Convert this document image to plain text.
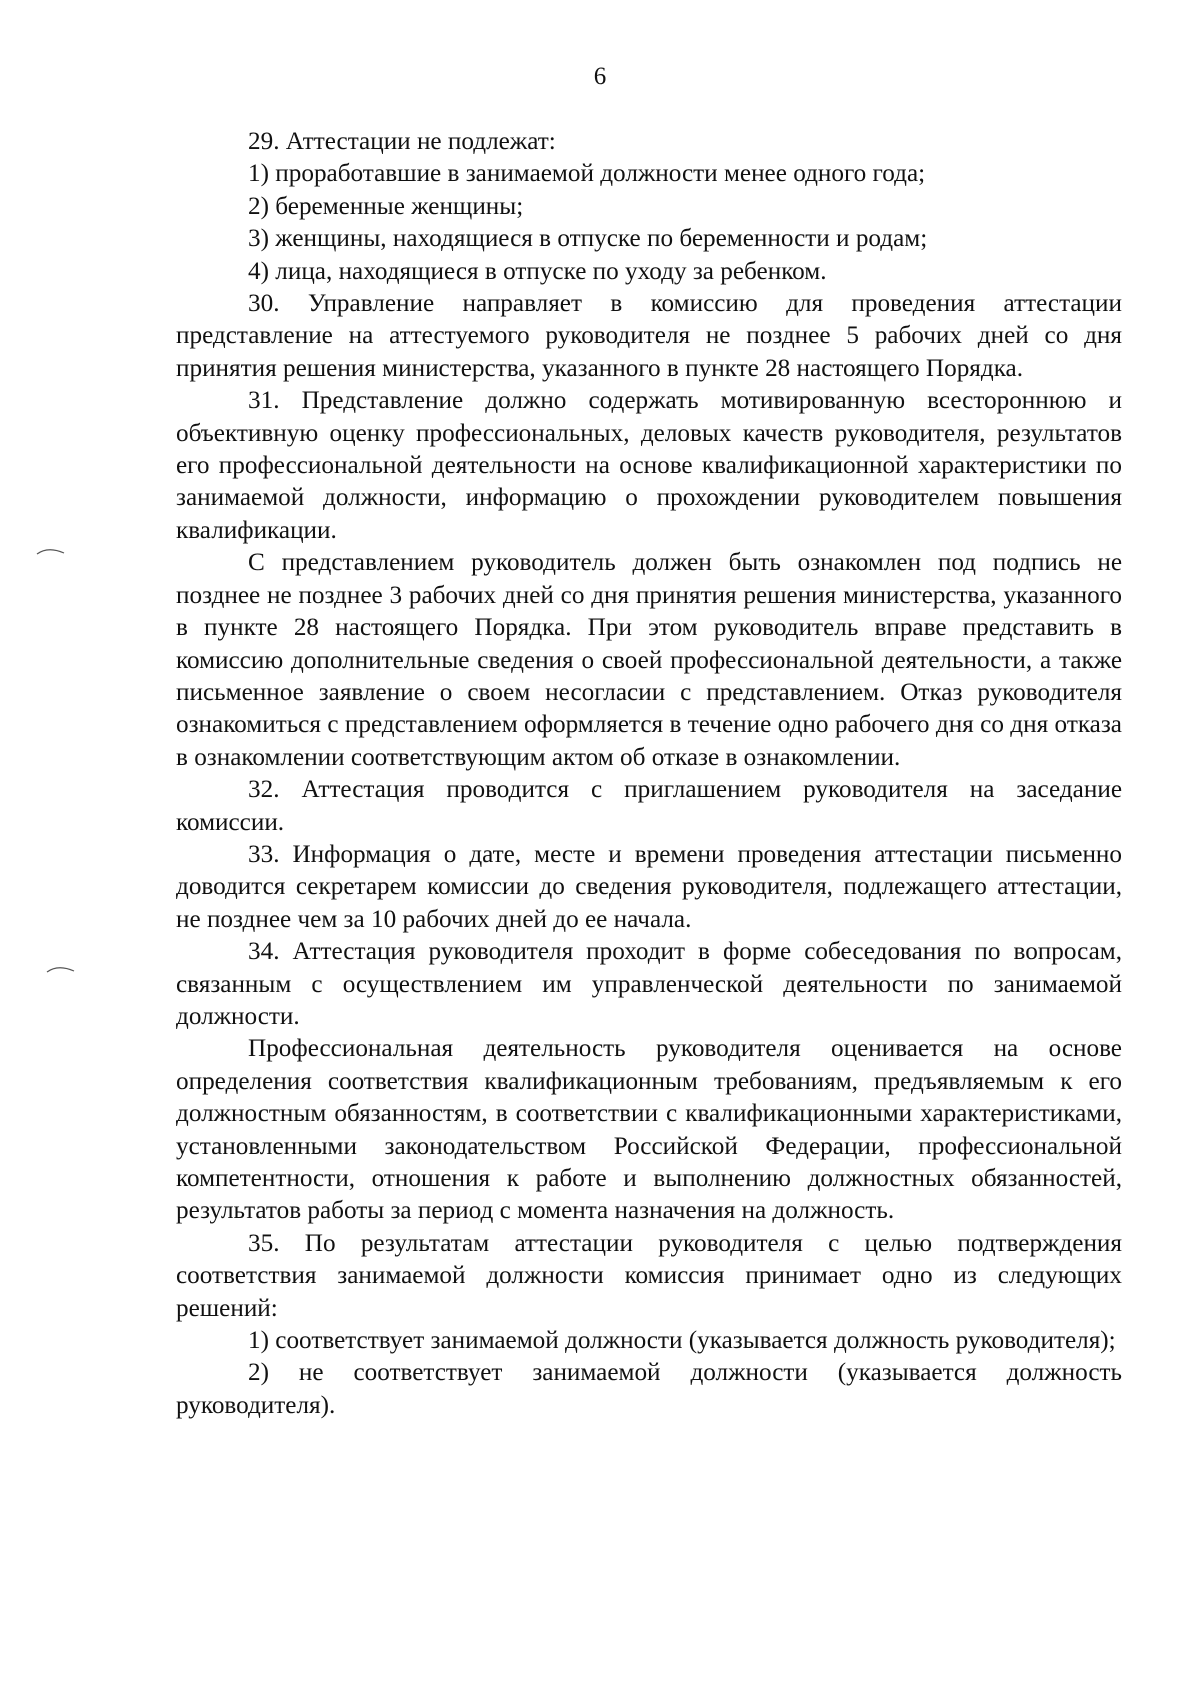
6

29. Аттестации не подлежат:

1) проработавшие в занимаемой должности менее одного года;

2) беременные женщины;

3) женщины, находящиеся в отпуске по беременности и родам;

4) лица, находящиеся в отпуске по уходу за ребенком.

30. Управление направляет в комиссию для проведения аттестации представление на аттестуемого руководителя не позднее 5 рабочих дней со дня принятия решения министерства, указанного в пункте 28 настоящего Порядка.

31. Представление должно содержать мотивированную всестороннюю и объективную оценку профессиональных, деловых качеств руководителя, результатов его профессиональной деятельности на основе квалификационной характеристики по занимаемой должности, информацию о прохождении руководителем повышения квалификации.

С представлением руководитель должен быть ознакомлен под подпись не позднее не позднее 3 рабочих дней со дня принятия решения министерства, указанного в пункте 28 настоящего Порядка. При этом руководитель вправе представить в комиссию дополнительные сведения о своей профессиональной деятельности, а также письменное заявление о своем несогласии с представлением. Отказ руководителя ознакомиться с представлением оформляется в течение одно рабочего дня со дня отказа в ознакомлении соответствующим актом об отказе в ознакомлении.

32. Аттестация проводится с приглашением руководителя на заседание комиссии.

33. Информация о дате, месте и времени проведения аттестации письменно доводится секретарем комиссии до сведения руководителя, подлежащего аттестации, не позднее чем за 10 рабочих дней до ее начала.

34. Аттестация руководителя проходит в форме собеседования по вопросам, связанным с осуществлением им управленческой деятельности по занимаемой должности.

Профессиональная деятельность руководителя оценивается на основе определения соответствия квалификационным требованиям, предъявляемым к его должностным обязанностям, в соответствии с квалификационными характеристиками, установленными законодательством Российской Федерации, профессиональной компетентности, отношения к работе и выполнению должностных обязанностей, результатов работы за период с момента назначения на должность.

35. По результатам аттестации руководителя с целью подтверждения соответствия занимаемой должности комиссия принимает одно из следующих решений:

1) соответствует занимаемой должности (указывается должность руководителя);

2) не соответствует занимаемой должности (указывается должность руководителя).
